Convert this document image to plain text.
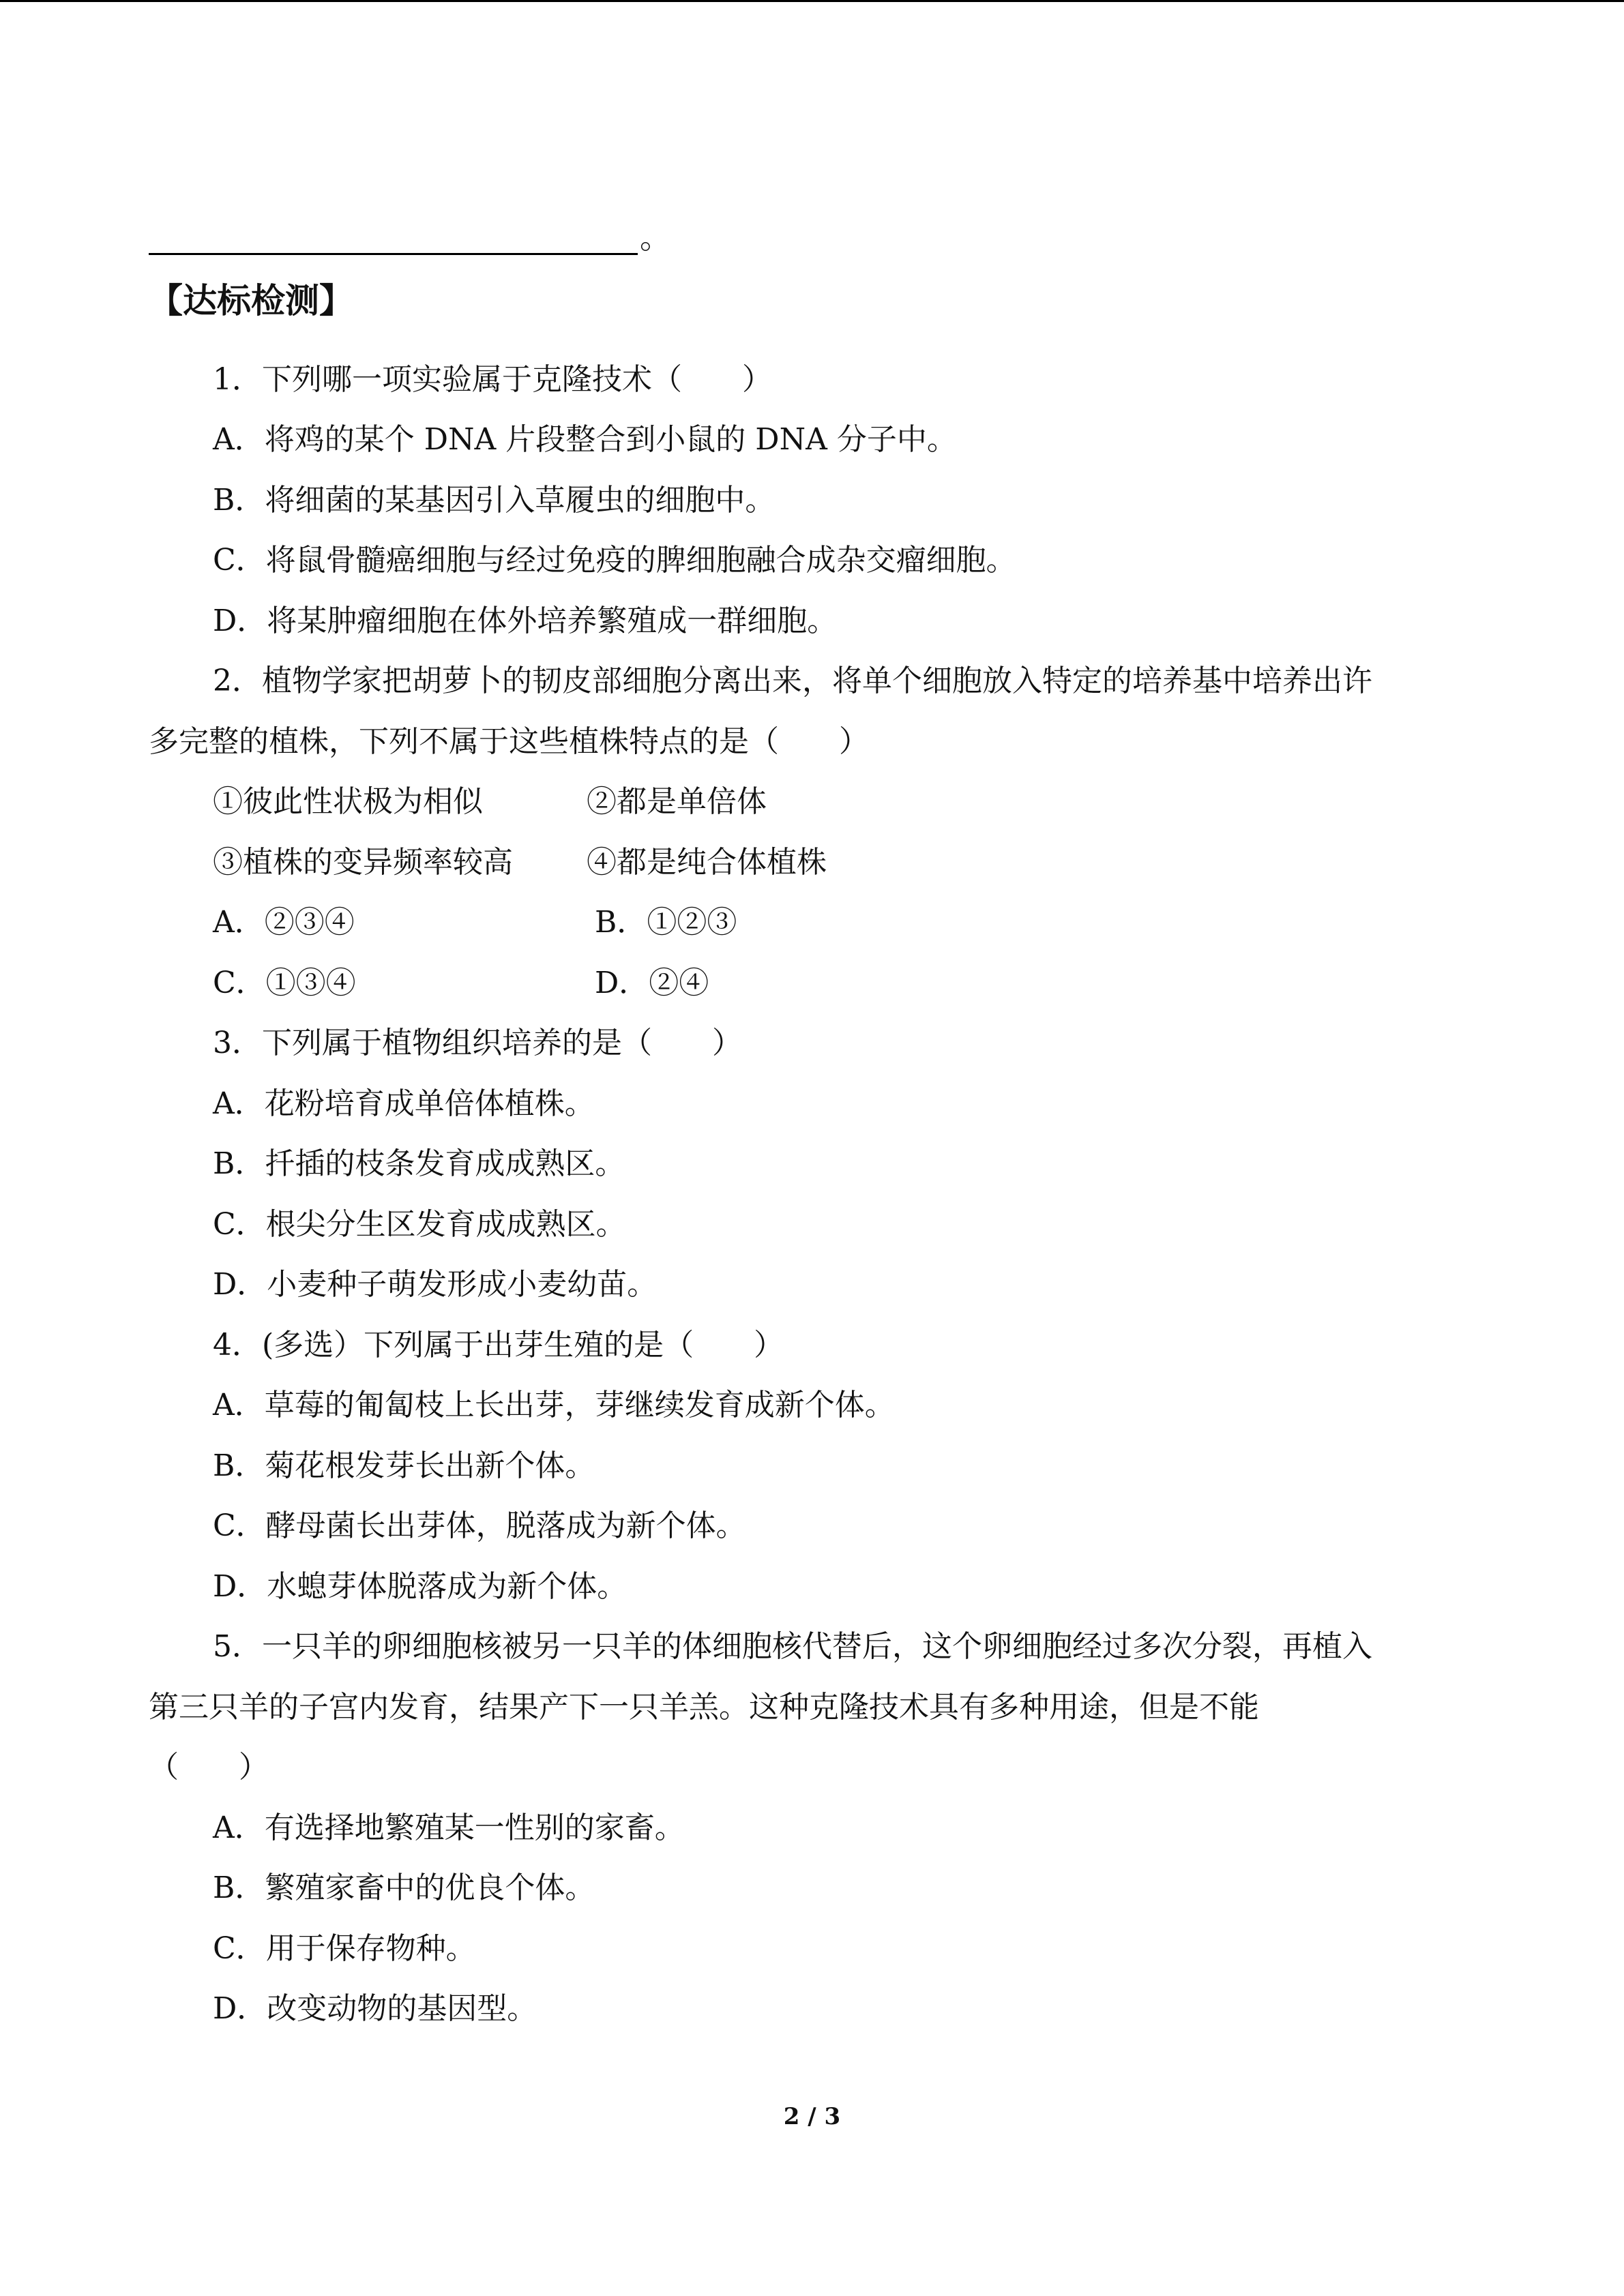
。
【达标检测】
1．下列哪一项实验属于克隆技术（　　）
A．将鸡的某个 DNA 片段整合到小鼠的 DNA 分子中。
B．将细菌的某基因引入草履虫的细胞中。
C．将鼠骨髓癌细胞与经过免疫的脾细胞融合成杂交瘤细胞。
D．将某肿瘤细胞在体外培养繁殖成一群细胞。
2．植物学家把胡萝卜的韧皮部细胞分离出来，将单个细胞放入特定的培养基中培养出许
多完整的植株，下列不属于这些植株特点的是（　　）
①彼此性状极为相似	②都是单倍体
③植株的变异频率较高 ④都是纯合体植株
A．②③④	B．①②③
C．①③④	D．②④
3．下列属于植物组织培养的是（　　）
A．花粉培育成单倍体植株。
B．扦插的枝条发育成成熟区。
C．根尖分生区发育成成熟区。
D．小麦种子萌发形成小麦幼苗。
4．(多选）下列属于出芽生殖的是（　　）
A．草莓的匍匐枝上长出芽，芽继续发育成新个体。
B．菊花根发芽长出新个体。
C．酵母菌长出芽体，脱落成为新个体。
D．水螅芽体脱落成为新个体。
5．一只羊的卵细胞核被另一只羊的体细胞核代替后，这个卵细胞经过多次分裂，再植入
第三只羊的子宫内发育，结果产下一只羊羔。这种克隆技术具有多种用途，但是不能
（　　）
A．有选择地繁殖某一性别的家畜。
B．繁殖家畜中的优良个体。
C．用于保存物种。
D．改变动物的基因型。
2 / 3
